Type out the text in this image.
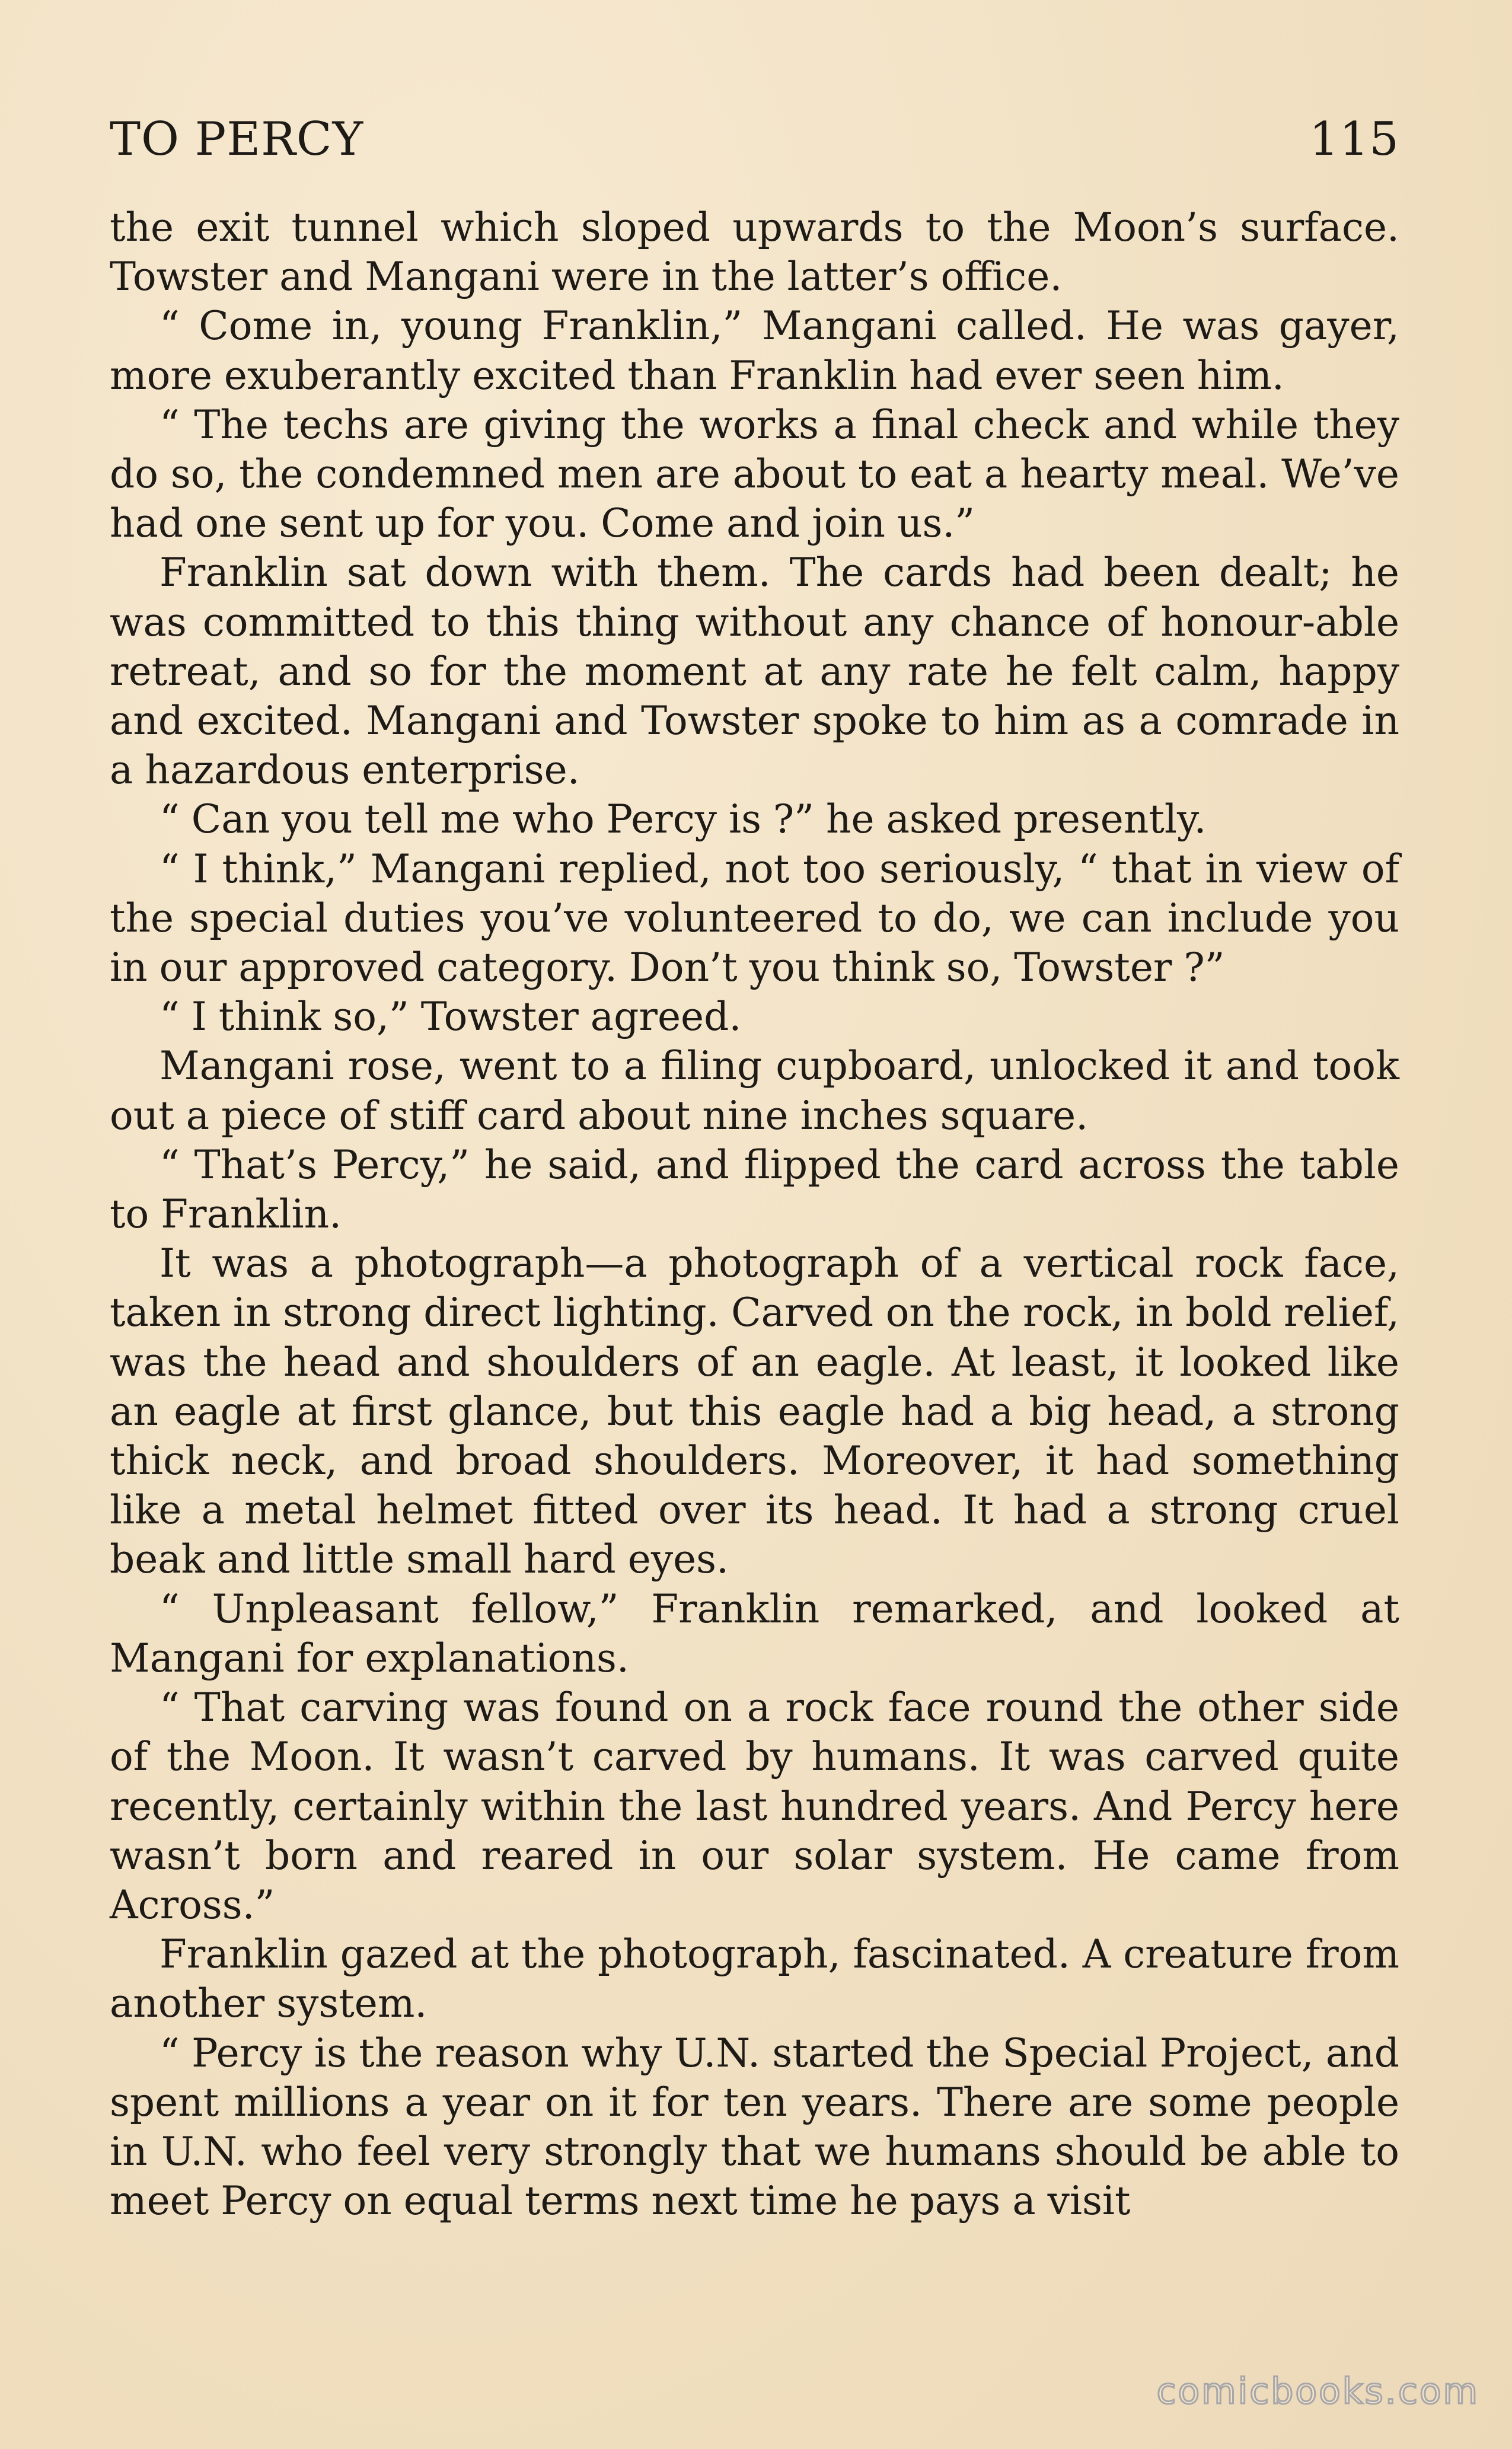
TO PERCY	115

the exit tunnel which sloped upwards to the Moon’s surface. Towster and Mangani were in the latter’s office.

“ Come in, young Franklin,” Mangani called. He was gayer, more exuberantly excited than Franklin had ever seen him.

“ The techs are giving the works a final check and while they do so, the condemned men are about to eat a hearty meal. We’ve had one sent up for you. Come and join us.”

Franklin sat down with them. The cards had been dealt; he was committed to this thing without any chance of honour-able retreat, and so for the moment at any rate he felt calm, happy and excited. Mangani and Towster spoke to him as a comrade in a hazardous enterprise.

“ Can you tell me who Percy is ?” he asked presently.

“ I think,” Mangani replied, not too seriously, “ that in view of the special duties you’ve volunteered to do, we can include you in our approved category. Don’t you think so, Towster ?”

“ I think so,” Towster agreed.

Mangani rose, went to a filing cupboard, unlocked it and took out a piece of stiff card about nine inches square.

“ That’s Percy,” he said, and flipped the card across the table to Franklin.

It was a photograph—a photograph of a vertical rock face, taken in strong direct lighting. Carved on the rock, in bold relief, was the head and shoulders of an eagle. At least, it looked like an eagle at first glance, but this eagle had a big head, a strong thick neck, and broad shoulders. Moreover, it had something like a metal helmet fitted over its head. It had a strong cruel beak and little small hard eyes.

“ Unpleasant fellow,” Franklin remarked, and looked at Mangani for explanations.

“ That carving was found on a rock face round the other side of the Moon. It wasn’t carved by humans. It was carved quite recently, certainly within the last hundred years. And Percy here wasn’t born and reared in our solar system. He came from Across.”

Franklin gazed at the photograph, fascinated. A creature from another system.

“ Percy is the reason why U.N. started the Special Project, and spent millions a year on it for ten years. There are some people in U.N. who feel very strongly that we humans should be able to meet Percy on equal terms next time he pays a visit

comicbooks.com
